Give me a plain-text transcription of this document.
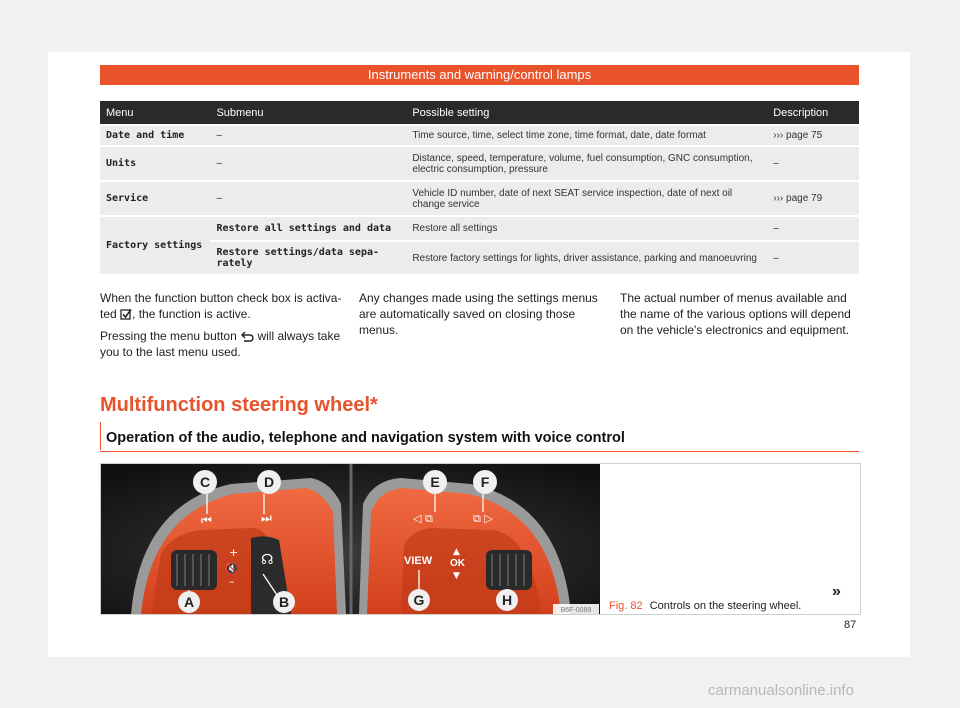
Instruments and warning/control lamps
Menu	Submenu	Possible setting	Description
Date and time	–	Time source, time, select time zone, time format, date, date format	››› page 75
Units	–	Distance, speed, temperature, volume, fuel consumption, GNC consumption, electric consumption, pressure	–
Service	–	Vehicle ID number, date of next SEAT service inspection, date of next oil change service	››› page 79
Factory settings	Restore all settings and data	Restore all settings	–
	Restore settings/data sepa-rately	Restore factory settings for lights, driver assistance, parking and manoeuvring	–

When the function button check box is activa-ted , the function is active.

Pressing the menu button will always take you to the last menu used.

Any changes made using the settings menus are automatically saved on closing those menus.

The actual number of menus available and the name of the various options will depend on the vehicle's electronics and equipment.

Multifunction steering wheel*
Operation of the audio, telephone and navigation system with voice control
+
🔇
–
☊
⏮	⏭
C	D
A	B
VIEW
▲
OK
▼
◁ ⧉	⧉ ▷
E	F
G	H
B6F-0089 Fig. 82 Controls on the steering wheel.
»
87
carmanualsonline.info
